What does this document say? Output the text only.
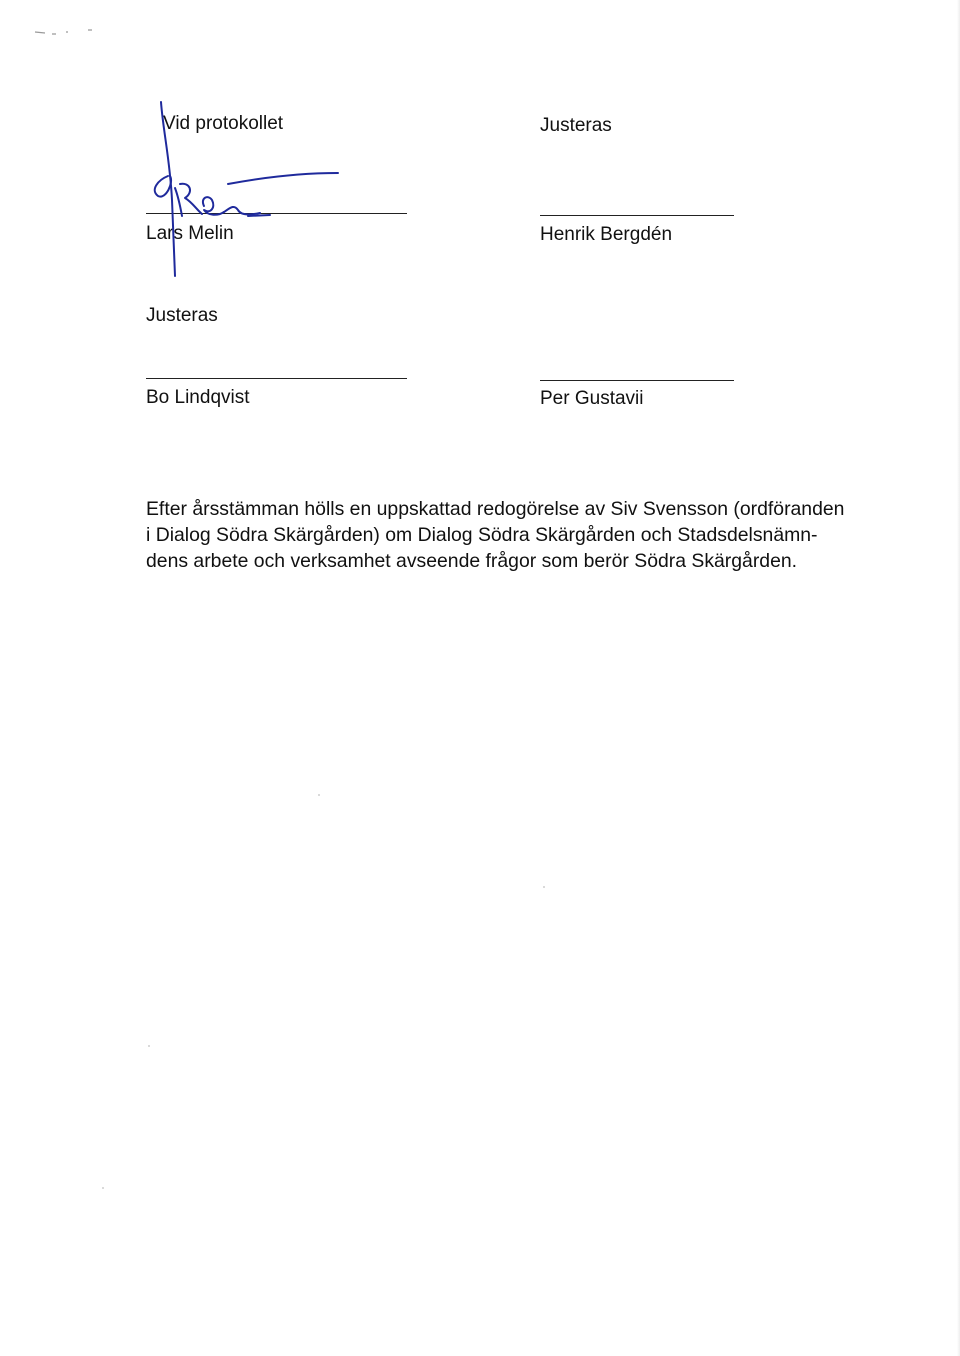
Vid protokollet
Lars Melin
Justeras
Henrik Bergdén
Justeras
Bo Lindqvist	Per Gustavii

Efter årsstämman hölls en uppskattad redogörelse av Siv Svensson (ordföranden
i Dialog Södra Skärgården) om Dialog Södra Skärgården och Stadsdelsnämn-
dens arbete och verksamhet avseende frågor som berör Södra Skärgården.
